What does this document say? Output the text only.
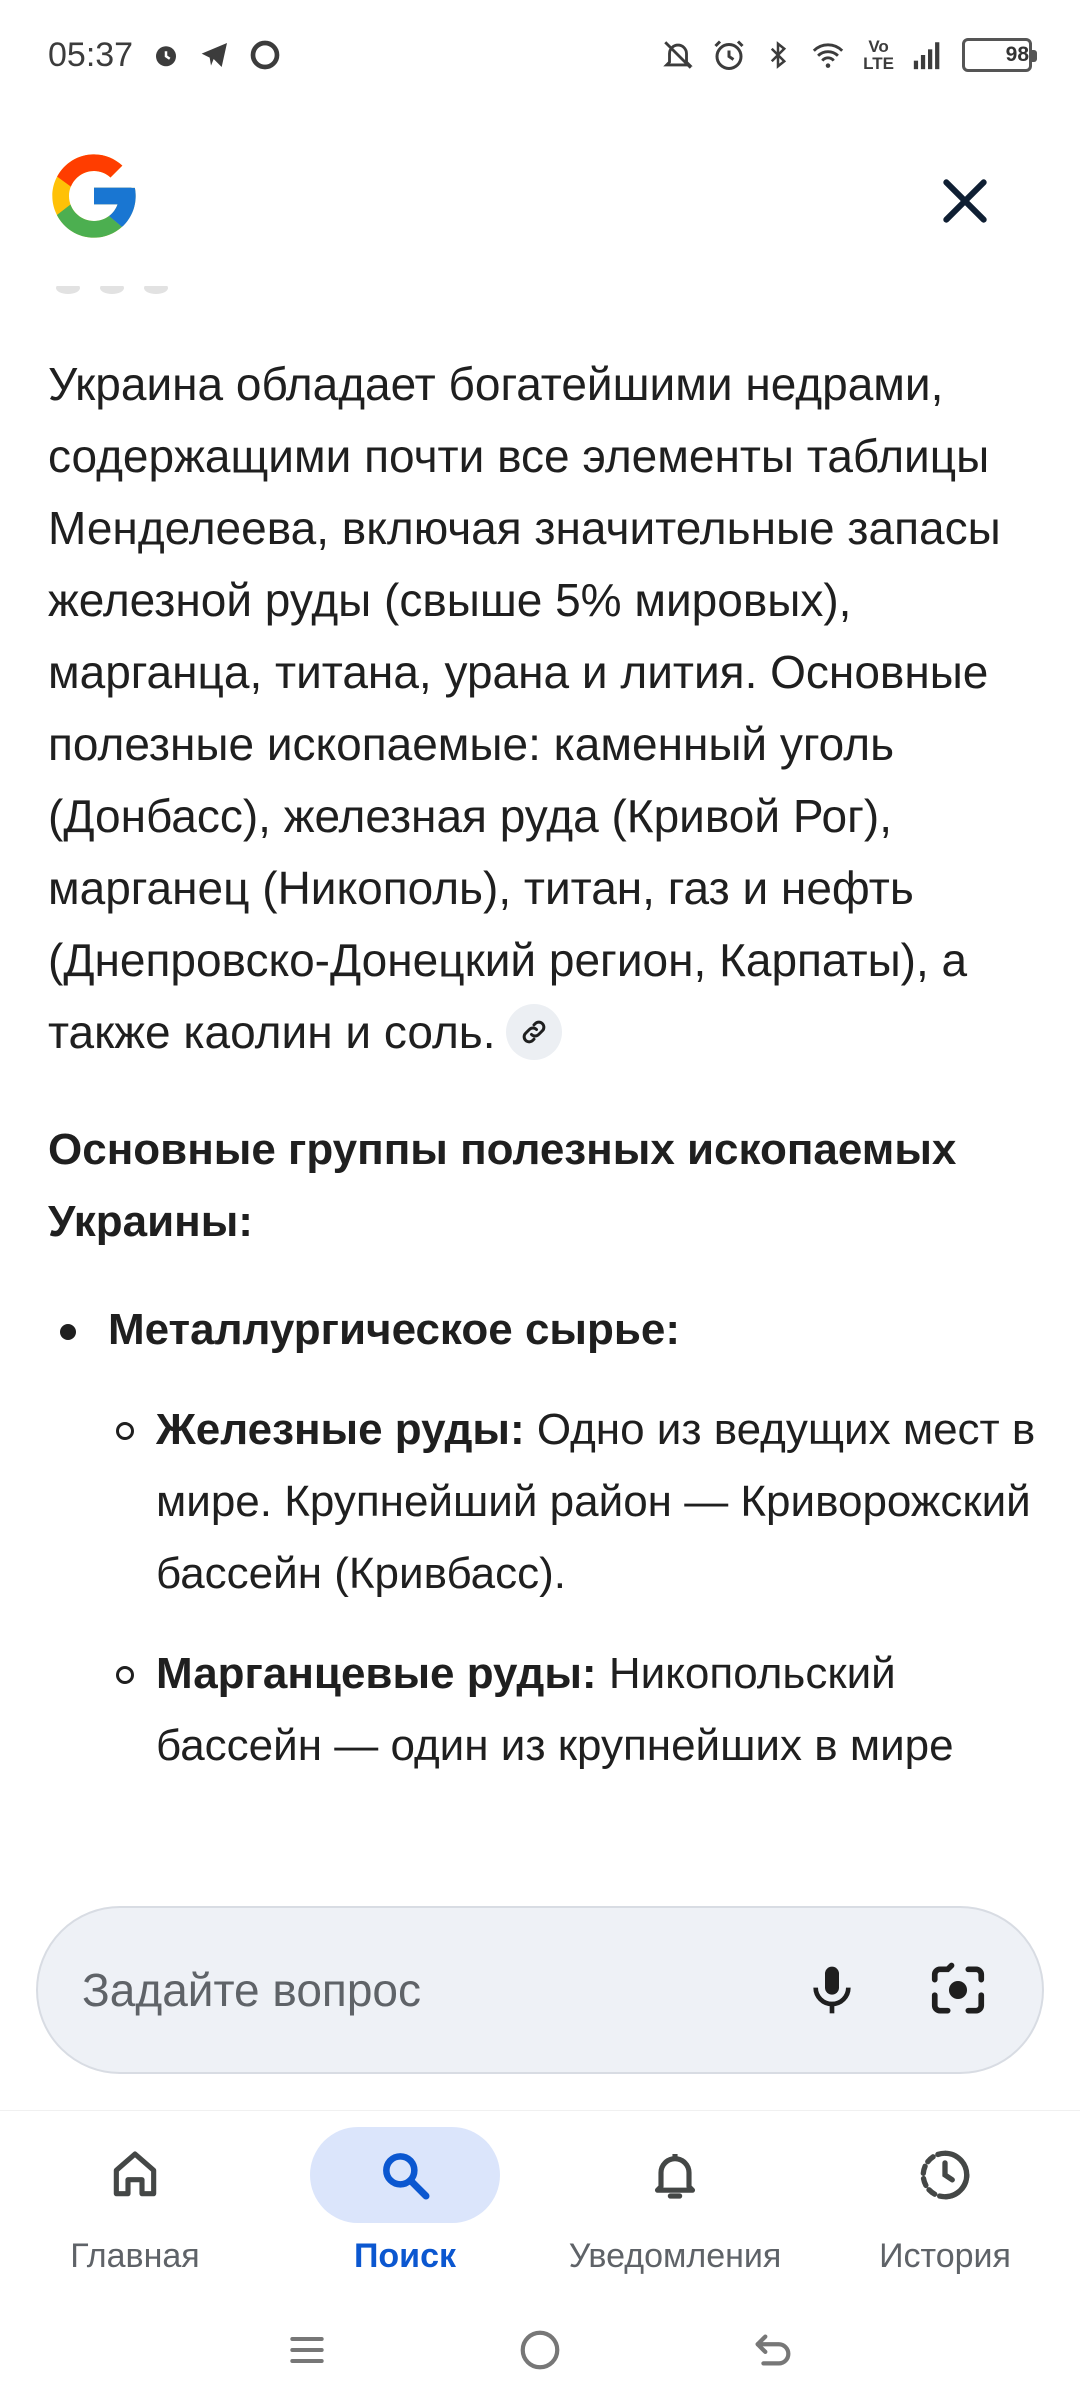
05:37	Vo
LTE	98

Украина обладает богатейшими недрами, содержащими почти все элементы таблицы Менделеева, включая значительные запасы железной руды (свыше 5% мировых), марганца, титана, урана и лития. Основные полезные ископаемые: каменный уголь (Донбасс), железная руда (Кривой Рог), марганец (Никополь), титан, газ и нефть (Днепровско-Донецкий регион, Карпаты), а также каолин и соль.

Основные группы полезных ископаемых Украины:
Металлургическое сырье:
Железные руды: Одно из ведущих мест в мире. Крупнейший район — Криворожский бассейн (Кривбасс).
Марганцевые руды: Никопольский бассейн — один из крупнейших в мире
Задайте вопрос
Главная	Поиск	Уведомления	История
